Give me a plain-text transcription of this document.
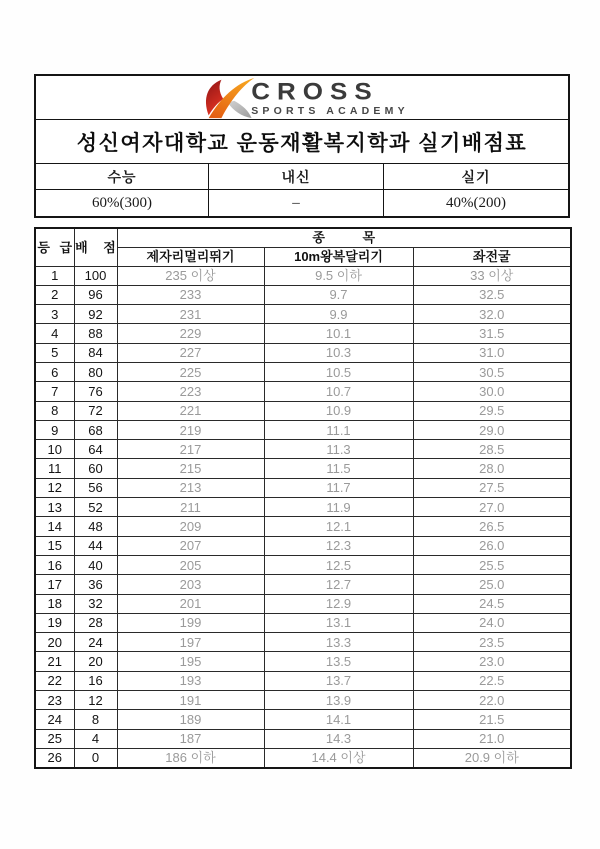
CROSS
SPORTS ACADEMY
성신여자대학교 운동재활복지학과 실기배점표
수능	내신	실기
60%(300)	–	40%(200)
등 급	배 점	종 목		
		제자리멀리뛰기	10m왕복달리기	좌전굴
1	100	235 이상	9.5 이하	33 이상
2	96	233	9.7	32.5
3	92	231	9.9	32.0
4	88	229	10.1	31.5
5	84	227	10.3	31.0
6	80	225	10.5	30.5
7	76	223	10.7	30.0
8	72	221	10.9	29.5
9	68	219	11.1	29.0
10	64	217	11.3	28.5
11	60	215	11.5	28.0
12	56	213	11.7	27.5
13	52	211	11.9	27.0
14	48	209	12.1	26.5
15	44	207	12.3	26.0
16	40	205	12.5	25.5
17	36	203	12.7	25.0
18	32	201	12.9	24.5
19	28	199	13.1	24.0
20	24	197	13.3	23.5
21	20	195	13.5	23.0
22	16	193	13.7	22.5
23	12	191	13.9	22.0
24	8	189	14.1	21.5
25	4	187	14.3	21.0
26	0	186 이하	14.4 이상	20.9 이하
